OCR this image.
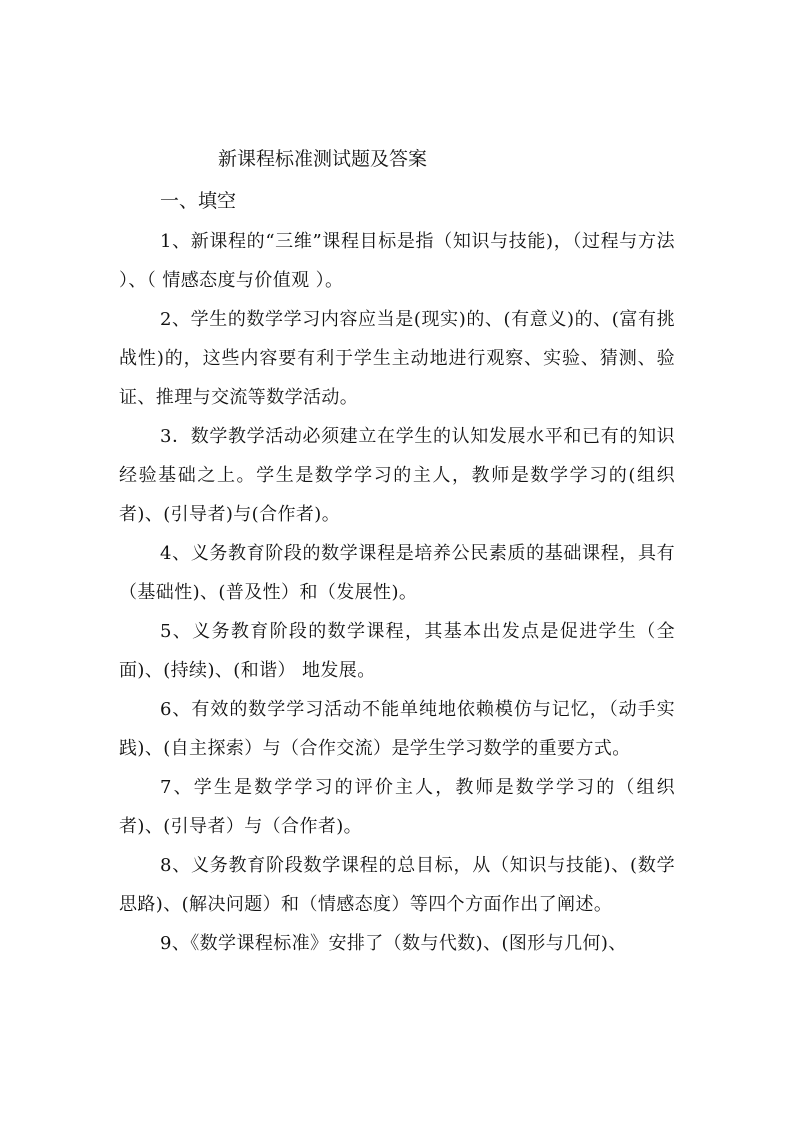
新课程标准测试题及答案
一、填空

1、新课程的“三维”课程目标是指（知识与技能)，（过程与方法 ）、（ 情感态度与价值观 ）。

2、学生的数学学习内容应当是(现实)的、(有意义)的、(富有挑战性)的，这些内容要有利于学生主动地进行观察、实验、猜测、验证、推理与交流等数学活动。

3．数学教学活动必须建立在学生的认知发展水平和已有的知识经验基础之上。学生是数学学习的主人，教师是数学学习的(组织者)、(引导者)与(合作者)。

4、义务教育阶段的数学课程是培养公民素质的基础课程，具有（基础性)、(普及性）和（发展性)。

5、义务教育阶段的数学课程，其基本出发点是促进学生（全面)、(持续)、(和谐） 地发展。

6、有效的数学学习活动不能单纯地依赖模仿与记忆，（动手实践)、(自主探索）与（合作交流）是学生学习数学的重要方式。

7、学生是数学学习的评价主人，教师是数学学习的（组织者)、(引导者）与（合作者)。

8、义务教育阶段数学课程的总目标，从（知识与技能)、(数学思路)、(解决问题）和（情感态度）等四个方面作出了阐述。

9、《数学课程标准》安排了（数与代数)、(图形与几何)、
